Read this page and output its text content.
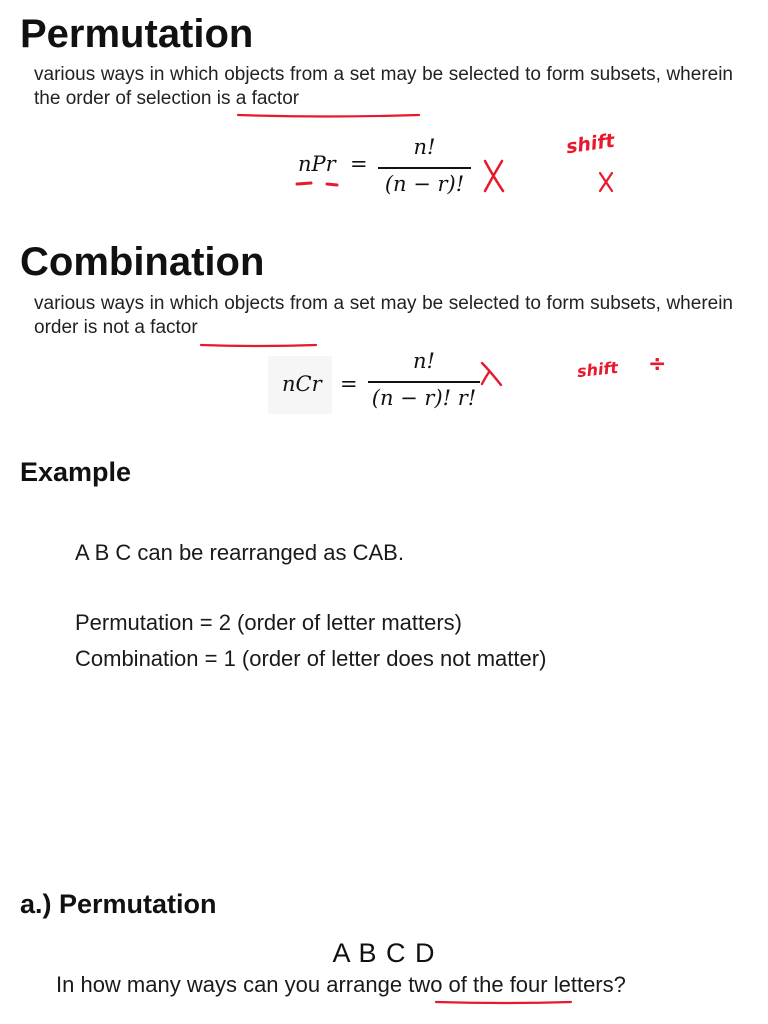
Permutation
various ways in which objects from a set may be selected to form subsets, wherein the order of selection is a factor
nPr =
n!
(n − r)!
shift
Combination
various ways in which objects from a set may be selected to form subsets, wherein order is not a factor
nCr =
n!
(n − r)! r!
shift ÷
Example
A B C can be rearranged as CAB.
Permutation = 2 (order of letter matters)
Combination = 1 (order of letter does not matter)
a.) Permutation
A B C D
In how many ways can you arrange two of the four letters?
